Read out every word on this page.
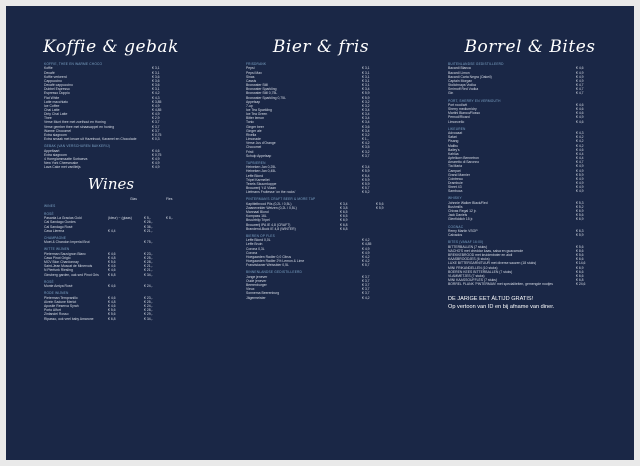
Koffie & gebak
KOFFIE, THEE EN WARME CHOCO
Koffie	€ 3,1
Decafé	€ 3,1
Koffie verkeerd	€ 3,6
Cappuccino	€ 3,6
Decafé cappuccino	€ 3,6
Dubbel Espresso	€ 3,1
Espresso Doppio	€ 4,2
Flat White	€ 4,3
Latte macchiato	€ 3,85
Ice Coffee	€ 4,9
Chai Latte	€ 4,85
Dirty Chai Latte	€ 4,9
Thee	€ 2,9
Verse Munt thee met zoethout en Honing	€ 3,7
Verse gember thee met sinaasappel en honing	€ 3,7
Warme Chocomel	€ 3,7
Extra slagroom	€ 0,75
Extra smaak met keuze uit Hazelnoot, Karamel en Chocolade	€ 0,3
GEBAK (VAN VERSCHUREN BAKKERIJ)
Appeltaart	€ 4,6
Extra slagroom	€ 0,75
4 Horeglammaatte Sorbaeva	€ 4,9
New York Cheesecake	€ 4,9
Lava Cake met vanilleijs	€ 4,9
Wines
Glas	Fles
WINES
ROSÉ
Pasanla La Gracias Gold	(kleur) ~ (glaas)	€ 5,-	€ 8,-
Cal Sandago Gurdes	€ 26,-
Cal Sandago Rosé	€ 36,-
Cava Llerena	€ 4,4	€ 21,-
CHAMPAGNE
Moet & Chandon Imperial Brut	€ 75,-
WITTE WIJNEN
Pieterman Sauvignon Blanc	€ 4,6	€ 23,-
Casa Pinot Grigio	€ 4,8	€ 25,-
MCV Bion Chardonnay	€ 5,6	€ 28,-
Saint-Jean Muscat de Minervois	€ 4,6	€ 21,-
N Pierfunk Riesling	€ 4,6	€ 21,-
Ginsberg garden, oak sed Pinot Gris	€ 6,8	€ 34,-
ROSÉ
Monte Amiya Rosé	€ 4,6	€ 24,-
RODE WIJNEN
Pieterman Tempranillo	€ 4,6	€ 23,-
Alvein Sadune Merlot	€ 4,8	€ 25,-
Apostle Reserva Syrah	€ 4,6	€ 24,-
Porto Alfort	€ 5,6	€ 28,-
Zinfandel Rosso	€ 5,6	€ 29,-
Ripasso, ook veel baby Amarone	€ 6,8	€ 34,-
Bier & fris
FRISDRANK
Pepsi	€ 3,1
Pepsi Max	€ 3,1
Sinas	€ 3,1
Cassis	€ 3,1
Bronwater Still	€ 3,1
Bronwater Sparkling	€ 3,4
Bronwater Still 0,75L	€ 5,9
Bronwater Sparkling 0,75L	€ 5,9
Appelsap	€ 3,2
7-up	€ 3,2
Ice Tea Sparkling	€ 3,4
Ice Tea Green	€ 3,4
Bitter lemon	€ 3,4
Tonic	€ 3,4
Ginger beer	€ 3,6
Ginger ale	€ 3,4
Rivella	€ 3,2
Limonade	€ 1,-
Verse Jus d'Orange	€ 4,2
Chocomel	€ 3,5
Fristi	€ 3,2
Schulp Appelsap	€ 3,7
TAPBIEREN
Heineken Jan 0,25L	€ 3,4
Heineken Jan 0,45L	€ 5,9
Leffe Blond	€ 5,4
Tripel Karmeliet	€ 5,9
Texels Skuumkoppe	€ 5,9
Brouwerij 't IJ Vlaan	€ 5,7
Liefmans Fruitesse 'on the rocks'	€ 5,2
PINTERMAN'S CRAFT BEER & MORE TAP
Kapittelbrood Pils (0,2L / 0,5L)	€ 3,4	€ 5,6
Zwanevelder Weizen (0,2L / 0,5L)	€ 3,8	€ 5,9
Mannaal Blond	€ 6,5
Kompass 16L	€ 6,5
Bruulrtrilp Tripel	€ 6,9
Brouwerij IPA IE 4,8 (CRAFT)	€ 6,8
Brandend-Buck IE 4,8 (WINTER)	€ 6,8
BIEREN OP FLES
Leffe Blond 0,0L	€ 4,2
Leffe Bruin	€ 4,85
Corona 0,3L	€ 4,9
Corona	€ 4,9
Hoegaarden Radler 0,0 Citrus	€ 4,2
Hoegaarden Radler 2% Lemon & Lime	€ 4,2
Franziskaner Weissbier 0,5L	€ 5,7
BINNENLANDSE GEDISTILLEERD
Jonge jenever	€ 3,7
Oude jenever	€ 3,7
Beerenburger	€ 3,7
Vieux	€ 3,7
Sonnema Beerenburg	€ 3,7
Jägermeister	€ 4,2
Borrel & Bites
BUITENLANDSE GEDISTILLEERD
Bacardi Blanca	€ 4,6
Bacardi Limon	€ 4,9
Bacardi Carta Negra (Oakeil)	€ 4,9
Captain Morgan	€ 4,9
Stolichnaya Vodka	€ 4,7
Smirnoff Red Vodka	€ 4,7
Gin	€ 4,7
PORT, SHERRY EN VERMOUTH
Port rood/wit	€ 4,6
Sherry medium/dry	€ 4,6
Martini Bianco/Rosso	€ 4,6
Pernod/Ricard	€ 4,9
Limoncello	€ 4,6
LIKEUREN
Advocaat	€ 4,3
Safari	€ 4,2
Pisang	€ 4,2
Malibu	€ 4,2
Bailey's	€ 4,6
Kahlúa	€ 4,4
Apfelkorn Bennetron	€ 4,4
Amaretto di Saronno	€ 4,7
Tia Maria	€ 4,9
Campari	€ 4,9
Grand Marnier	€ 5,9
Cointreau	€ 4,9
Drambuie	€ 4,9
Sheet 43	€ 4,9
Sambuca	€ 4,9
WHISKY
Johnnie Walker Black/Red	€ 5,3
Bushmills	€ 5,2
Chivas Regal 12 jr.	€ 6,9
Jack Daniels	€ 5,6
Glenfiddich 15 jr.	€ 6,9
COGNAC
Remy Martin VSOP	€ 6,3
Calvados	€ 5,9
BITES (VANAF 16:00)
BITTERBALLEN (7 stuks)	€ 5,6
NACHO'S met cheddar kaas, salsa en guacamole	€ 8,6
BREKKEBROOD met kruidenboter en aioli	€ 5,6
KAASBROODJES (6 stuks)	€ 6,6
LUXE BITTERGARNITUUR met diverse sauzen (18 stuks)	€ 14,6
MINI FRIKANDELLEN (10 stuks)	€ 6,9
BOEREN KEES BITTERBALLEN (7 stuks)	€ 6,6
VLAMMETJES (7 stuks)	€ 6,6
MINI KAASSOUFFLÉS (7 stuks)	€ 6,8
BORREL PLANK 'PINTERMAN' met specialiteiten, gemengde nootjes	€ 24,6
DE JARIGE EET ÁLTIJD GRATIS!
Op vertoon van ID en bij afname van diner.
